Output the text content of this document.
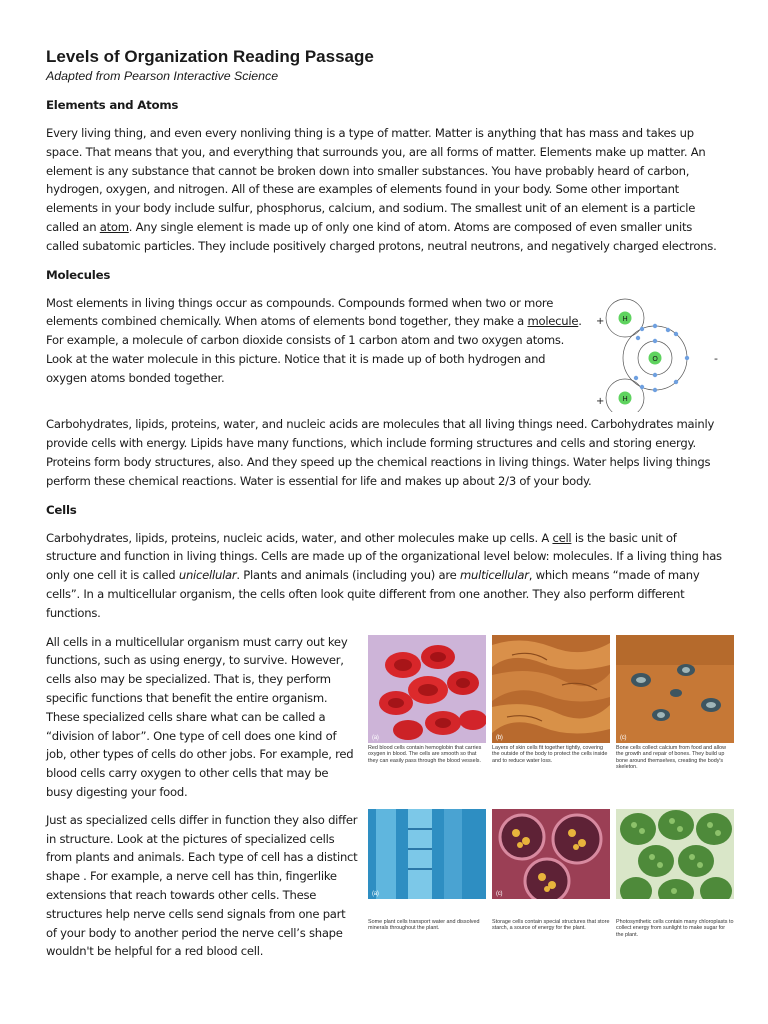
Levels of Organization Reading Passage
Adapted from Pearson Interactive Science
Elements and Atoms

Every living thing, and even every nonliving thing is a type of matter. Matter is anything that has mass and takes up space. That means that you, and everything that surrounds you, are all forms of matter. Elements make up matter. An element is any substance that cannot be broken down into smaller substances. You have probably heard of carbon, hydrogen, oxygen, and nitrogen. All of these are examples of elements found in your body. Some other important elements in your body include sulfur, phosphorus, calcium, and sodium. The smallest unit of an element is a particle called an atom. Any single element is made up of only one kind of atom. Atoms are composed of even smaller units called subatomic particles. They include positively charged protons, neutral neutrons, and negatively charged electrons.

Molecules

Most elements in living things occur as compounds. Compounds formed when two or more elements combined chemically. When atoms of elements bond together, they make a molecule. For example, a molecule of carbon dioxide consists of 1 carbon atom and two oxygen atoms. Look at the water molecule in this picture. Notice that it is made up of both hydrogen and oxygen atoms bonded together.

+
+
-
H
H
O

Carbohydrates, lipids, proteins, water, and nucleic acids are molecules that all living things need. Carbohydrates mainly provide cells with energy. Lipids have many functions, which include forming structures and cells and storing energy. Proteins form body structures, also. And they speed up the chemical reactions in living things. Water helps living things perform these chemical reactions. Water is essential for life and makes up about 2/3 of your body.

Cells

Carbohydrates, lipids, proteins, nucleic acids, water, and other molecules make up cells. A cell is the basic unit of structure and function in living things. Cells are made up of the organizational level below: molecules. If a living thing has only one cell it is called unicellular. Plants and animals (including you) are multicellular, which means “made of many cells”. In a multicellular organism, the cells often look quite different from one another. They also perform different functions.

All cells in a multicellular organism must carry out key functions, such as using energy, to survive. However, cells also may be specialized. That is, they perform specific functions that benefit the entire organism. These specialized cells share what can be called a “division of labor”. One type of cell does one kind of job, other types of cells do other jobs. For example, red blood cells carry oxygen to other cells that may be busy digesting your food.

Just as specialized cells differ in function they also differ in structure. Look at the pictures of specialized cells from plants and animals. Each type of cell has a distinct shape . For example, a nerve cell has thin, fingerlike extensions that reach towards other cells. These structures help nerve cells send signals from one part of your body to another period the nerve cell’s shape wouldn't be helpful for a red blood cell.

(a)
Red blood cells contain hemoglobin that carries oxygen in blood. The cells are smooth so that they can easily pass through the blood vessels.
(b)
Layers of skin cells fit together tightly, covering the outside of the body to protect the cells inside and to reduce water loss.
(c)
Bone cells collect calcium from food and allow the growth and repair of bones. They build up bone around themselves, creating the body's skeleton.
(a)
Some plant cells transport water and dissolved minerals throughout the plant.
(c)
Storage cells contain special structures that store starch, a source of energy for the plant.
Photosynthetic cells contain many chloroplasts to collect energy from sunlight to make sugar for the plant.
